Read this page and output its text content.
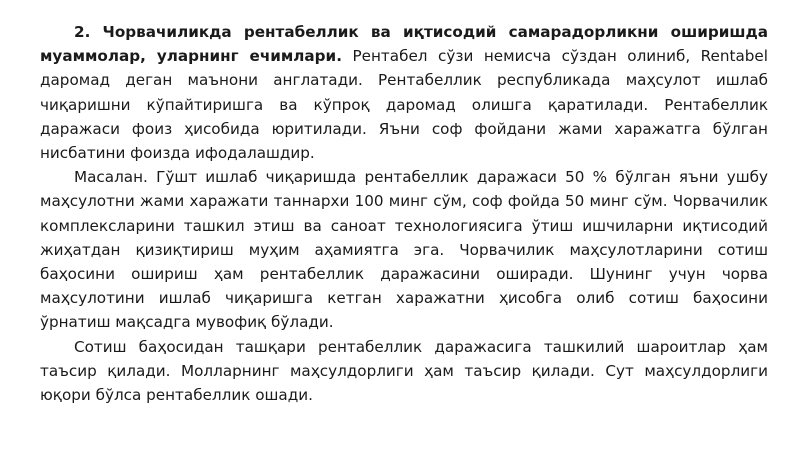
2. Чорвачиликда рентабеллик ва иқтисодий самарадорликни оширишда муаммолар, уларнинг ечимлари. Рентабел сўзи немисча сўздан олиниб, Rentabel даромад деган маънони англатади. Рентабеллик республикада маҳсулот ишлаб чиқаришни кўпайтиришга ва кўпроқ даромад олишга қаратилади. Рентабеллик даражаси фоиз ҳисобида юритилади. Яъни соф фойдани жами харажатга бўлган нисбатини фоизда ифодалашдир.

Масалан. Гўшт ишлаб чиқаришда рентабеллик даражаси 50 % бўлган яъни ушбу маҳсулотни жами харажати таннархи 100 минг сўм, соф фойда 50 минг сўм. Чорвачилик комплексларини ташкил этиш ва саноат технологиясига ўтиш ишчиларни иқтисодий жиҳатдан қизиқтириш муҳим аҳамиятга эга. Чорвачилик маҳсулотларини сотиш баҳосини ошириш ҳам рентабеллик даражасини оширади. Шунинг учун чорва маҳсулотини ишлаб чиқаришга кетган харажатни ҳисобга олиб сотиш баҳосини ўрнатиш мақсадга мувофиқ бўлади.

Сотиш баҳосидан ташқари рентабеллик даражасига ташкилий шароитлар ҳам таъсир қилади. Молларнинг маҳсулдорлиги ҳам таъсир қилади. Сут маҳсулдорлиги юқори бўлса рентабеллик ошади.
